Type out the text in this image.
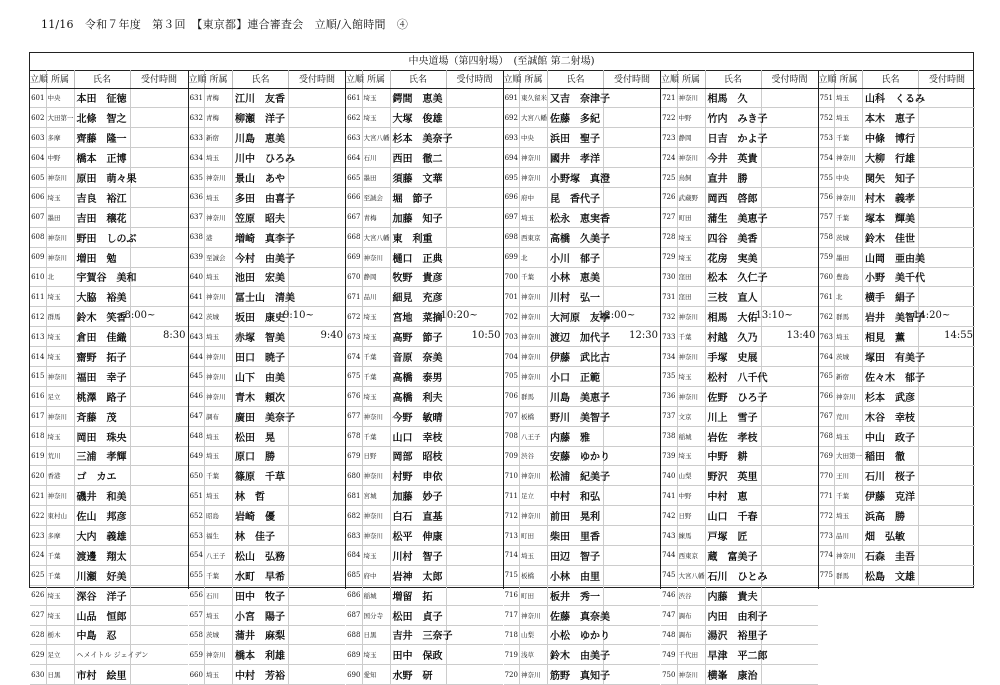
11/16　令和７年度　第３回　【東京都】連合審査会　立順/入館時間　④
中央道場（第四射場）　(至誠館 第二射場)
立順	所属	氏名	受付時間
601	中央	本田　征徳	
602	大田第一	北條　智之	
603	多摩	齊藤　隆一	
604	中野	橋本　正博	
605	神奈川	原田　萌々果	
606	埼玉	吉良　裕江	
607	墨田	吉田　穣花	
608	神奈川	野田　しのぶ	
609	神奈川	増田　勉	
610	北	宇賀谷　美和	
611	埼玉	大脇　裕美	
612	群馬	鈴木　笑香	8:00~

613	埼玉	倉田　佳織	8:30

614	埼玉	齋野　拓子	
615	神奈川	福田　幸子	
616	足立	桃澤　路子	
617	神奈川	斉藤　茂	
618	埼玉	岡田　珠央	
619	荒川	三浦　孝輝	
620	香港	ゴ　カエ	
621	神奈川	磯井　和美	
622	東村山	佐山　邦彦	
623	多摩	大内　義雄	
624	千葉	渡邊　翔太	
625	千葉	川瀬　好美	
626	埼玉	深谷　洋子	
627	埼玉	山品　恒郎	
628	栃木	中島　忍	
629	足立	ヘメイトル ジェイデン	
630	日黒	市村　絵里	
立順	所属	氏名	受付時間
631	青梅	江川　友香	
632	青梅	柳瀬　洋子	
633	新宿	川島　恵美	
634	埼玉	川中　ひろみ	
635	神奈川	景山　あや	
636	埼玉	多田　由喜子	
637	神奈川	笠原　昭夫	
638	港	増崎　真李子	
639	至誠会	今村　由美子	
640	埼玉	池田　宏美	
641	神奈川	冨士山　清美	
642	茨城	坂田　康史	9:10~

643	埼玉	赤塚　智美	9:40

644	神奈川	田口　暁子	
645	神奈川	山下　由美	
646	神奈川	青木　頼次	
647	調布	廣田　美奈子	
648	埼玉	松田　晃	
649	埼玉	原口　勝	
650	千葉	篠原　千草	
651	埼玉	林　哲	
652	昭島	岩崎　優	
653	福生	林　佳子	
654	八王子	松山　弘務	
655	千葉	水町　早希	
656	石川	田中　牧子	
657	埼玉	小宮　陽子	
658	茨城	蒲井　麻梨	
659	神奈川	橋本　利雄	
660	埼玉	中村　芳裕	
立順	所属	氏名	受付時間
661	埼玉	鍔間　恵美	
662	埼玉	大塚　俊雄	
663	大宮八幡	杉本　美奈子	
664	石川	西田　徹二	
665	墨田	須藤　文華	
666	至誠会	堀　節子	
667	青梅	加藤　知子	
668	大宮八幡	東　利重	
669	神奈川	樋口　正典	
670	静岡	牧野　貴彦	
671	品川	細見　充彦	
672	埼玉	宮地　菜摘	10:20~

673	埼玉	高野　節子	10:50

674	千葉	音原　奈美	
675	千葉	高橋　泰男	
676	埼玉	高橋　利夫	
677	神奈川	今野　敏晴	
678	千葉	山口　幸枝	
679	日野	岡部　昭枝	
680	神奈川	村野　申依	
681	宮城	加藤　妙子	
682	神奈川	白石　直基	
683	神奈川	松平　伸康	
684	埼玉	川村　智子	
685	府中	岩神　太郎	
686	稲城	増留　拓	
687	国分寺	松田　貞子	
688	日黒	吉井　三奈子	
689	埼玉	田中　保政	
690	愛知	水野　研	
立順	所属	氏名	受付時間
691	東久留米	又吉　奈津子	
692	大宮八幡	佐藤　多紀	
693	中央	浜田　聖子	
694	神奈川	國井　孝洋	
695	神奈川	小野塚　真澄	
696	府中	昆　香代子	
697	埼玉	松永　恵実香	
698	西東京	高橋　久美子	
699	北	小川　郁子	
700	千葉	小林　恵美	
701	神奈川	川村　弘一	
702	神奈川	大河原　友季	12:00~

703	神奈川	渡辺　加代子	12:30

704	神奈川	伊藤　武比古	
705	神奈川	小口　正範	
706	群馬	川島　美恵子	
707	板橋	野川　美智子	
708	八王子	内藤　雅	
709	渋谷	安藤　ゆかり	
710	神奈川	松浦　紀美子	
711	足立	中村　和弘	
712	神奈川	前田　晃利	
713	町田	柴田　里香	
714	埼玉	田辺　智子	
715	板橋	小林　由里	
716	町田	板井　秀一	
717	神奈川	佐藤　真奈美	
718	山梨	小松　ゆかり	
719	浅草	鈴木　由美子	
720	神奈川	筋野　真知子	
立順	所属	氏名	受付時間
721	神奈川	相馬　久	
722	中野	竹内　みき子	
723	静岡	日吉　かよ子	
724	神奈川	今井　英貴	
725	鳥飼	直井　勝	
726	武蔵野	岡西　啓郎	
727	町田	蒲生　美恵子	
728	埼玉	四谷　美香	
729	埼玉	花房　実美	
730	窪田	松本　久仁子	
731	窪田	三枝　直人	
732	神奈川	相馬　大佑	13:10~

733	千葉	村越　久乃	13:40

734	神奈川	手塚　史展	
735	埼玉	松村　八千代	
736	神奈川	佐野　ひろ子	
737	文京	川上　雪子	
738	稲城	岩佐　孝枝	
739	埼玉	中野　耕	
740	山梨	野沢　英里	
741	中野	中村　恵	
742	日野	山口　千春	
743	練馬	戸塚　匠	
744	西東京	蔵　富美子	
745	大宮八幡	石川　ひとみ	
746	渋谷	内藤　貴夫	
747	調布	内田　由利子	
748	調布	湯沢　裕里子	
749	千代田	早津　平二郎	
750	神奈川	横峯　康治	
立順	所属	氏名	受付時間
751	埼玉	山科　くるみ	
752	埼玉	本木　恵子	
753	千葉	中條　博行	
754	神奈川	大柳　行雄	
755	中央	関矢　知子	
756	神奈川	村木　義孝	
757	千葉	塚本　輝美	
758	茨城	鈴木　佳世	
759	墨田	山岡　亜由美	
760	豊島	小野　美千代	
761	北	横手　絹子	
762	群馬	岩井　美智子	14:20~

763	埼玉	相見　薫	14:55

764	茨城	塚田　有美子	
765	新宿	佐々木　郁子	
766	神奈川	杉本　武彦	
767	荒川	木谷　幸枝	
768	埼玉	中山　政子	
769	大田第一	稲田　徹	
770	王川	石川　桜子	
771	千葉	伊藤　克洋	
772	埼玉	浜高　勝	
773	品川	畑　弘敏	
774	神奈川	石森　圭吾	
775	群馬	松島　文雄	
